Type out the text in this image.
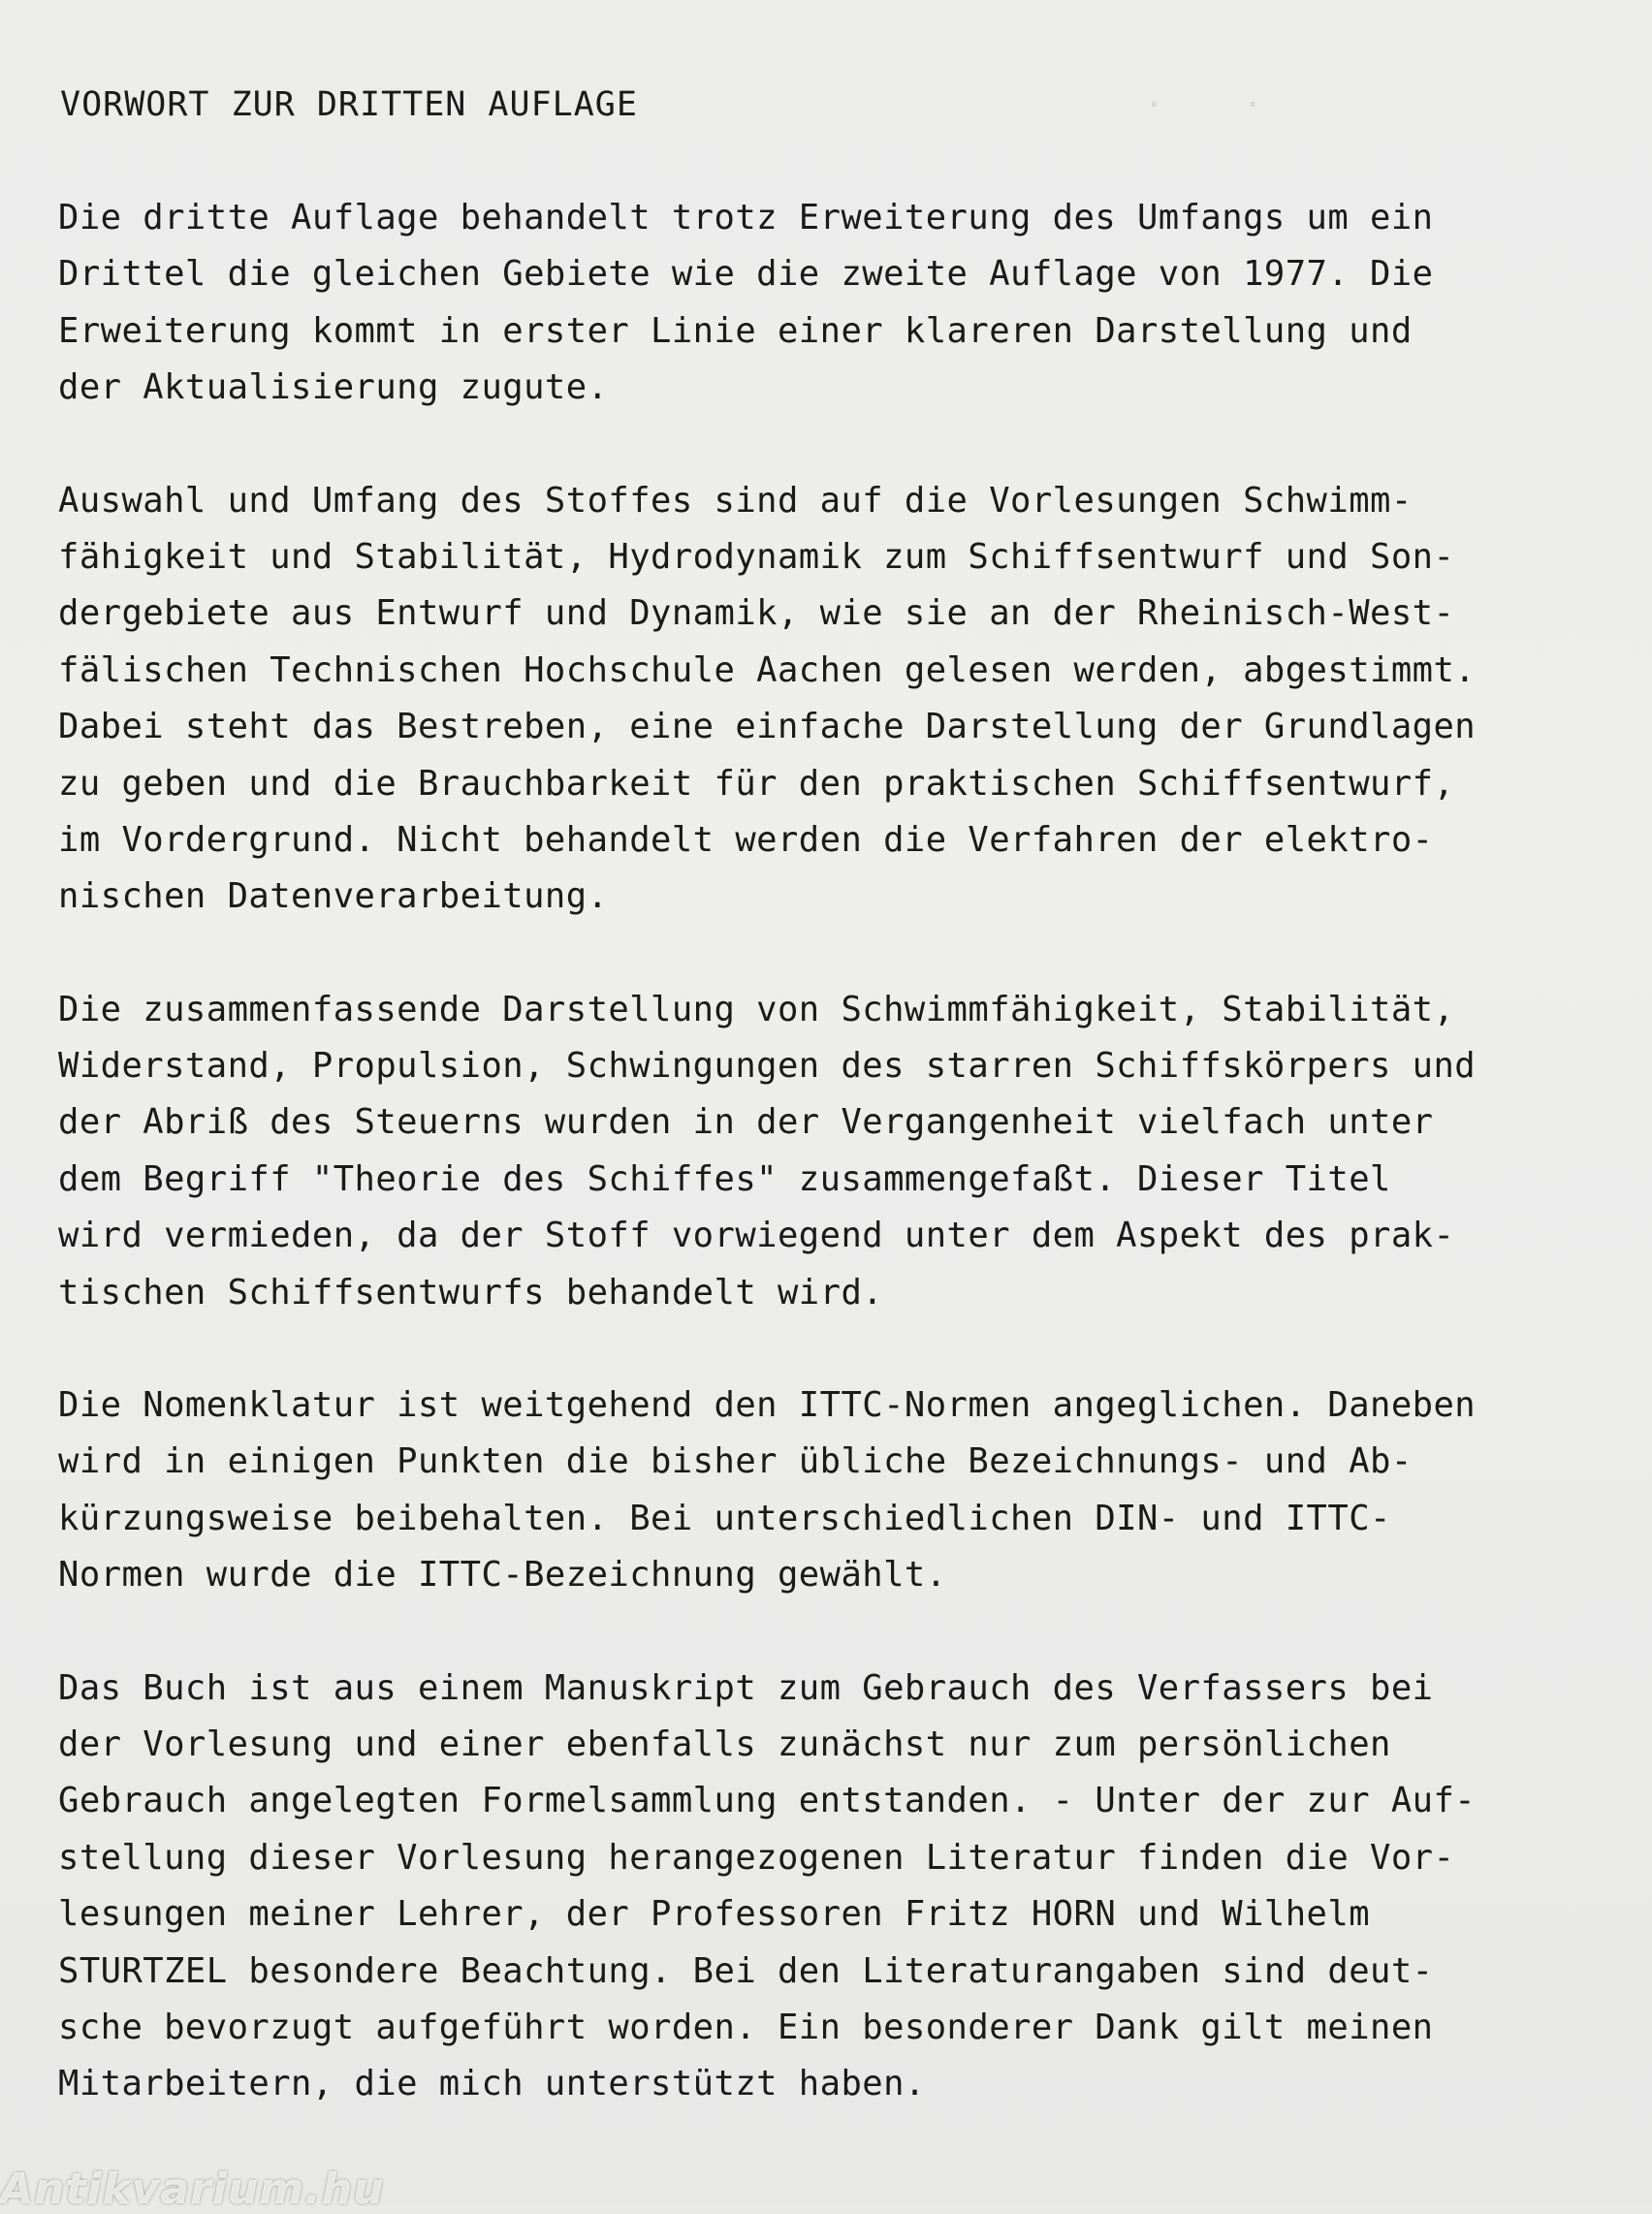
·    ·
VORWORT ZUR DRITTEN AUFLAGE
Die dritte Auflage behandelt trotz Erweiterung des Umfangs um ein
Drittel die gleichen Gebiete wie die zweite Auflage von 1977. Die
Erweiterung kommt in erster Linie einer klareren Darstellung und
der Aktualisierung zugute.
Auswahl und Umfang des Stoffes sind auf die Vorlesungen Schwimm-
fähigkeit und Stabilität, Hydrodynamik zum Schiffsentwurf und Son-
dergebiete aus Entwurf und Dynamik, wie sie an der Rheinisch-West-
fälischen Technischen Hochschule Aachen gelesen werden, abgestimmt.
Dabei steht das Bestreben, eine einfache Darstellung der Grundlagen
zu geben und die Brauchbarkeit für den praktischen Schiffsentwurf,
im Vordergrund. Nicht behandelt werden die Verfahren der elektro-
nischen Datenverarbeitung.
Die zusammenfassende Darstellung von Schwimmfähigkeit, Stabilität,
Widerstand, Propulsion, Schwingungen des starren Schiffskörpers und
der Abriß des Steuerns wurden in der Vergangenheit vielfach unter
dem Begriff "Theorie des Schiffes" zusammengefaßt. Dieser Titel
wird vermieden, da der Stoff vorwiegend unter dem Aspekt des prak-
tischen Schiffsentwurfs behandelt wird.
Die Nomenklatur ist weitgehend den ITTC-Normen angeglichen. Daneben
wird in einigen Punkten die bisher übliche Bezeichnungs- und Ab-
kürzungsweise beibehalten. Bei unterschiedlichen DIN- und ITTC-
Normen wurde die ITTC-Bezeichnung gewählt.
Das Buch ist aus einem Manuskript zum Gebrauch des Verfassers bei
der Vorlesung und einer ebenfalls zunächst nur zum persönlichen
Gebrauch angelegten Formelsammlung entstanden. - Unter der zur Auf-
stellung dieser Vorlesung herangezogenen Literatur finden die Vor-
lesungen meiner Lehrer, der Professoren Fritz HORN und Wilhelm
STURTZEL besondere Beachtung. Bei den Literaturangaben sind deut-
sche bevorzugt aufgeführt worden. Ein besonderer Dank gilt meinen
Mitarbeitern, die mich unterstützt haben.
Antikvarium.hu
